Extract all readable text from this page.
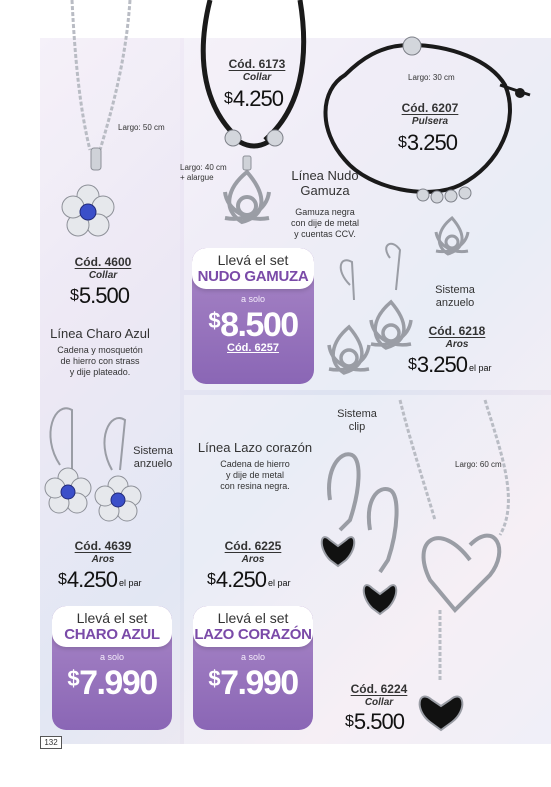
Largo: 50 cm
Cód. 4600
Collar
$5.500
Línea Charo Azul
Cadena y mosquetón
de hierro con strass
y dije plateado.
Cód. 6173
Collar
$4.250
Largo: 40 cm
+ alargue	Línea Nudo
Gamuza
Gamuza negra
con dije de metal
y cuentas CCV.
Llevá el set
NUDO GAMUZA
a solo
$8.500
Cód. 6257
Largo: 30 cm
Cód. 6207
Pulsera
$3.250
Sistema
anzuelo
Cód. 6218
Aros
$3.250 el par
Sistema
anzuelo
Cód. 4639
Aros
$4.250 el par
Sistema
clip
Línea Lazo corazón
Cadena de hierro
y dije de metal
con resina negra.
Cód. 6225
Aros
$4.250 el par
Largo: 60 cm
Cód. 6224
Collar
$5.500
Llevá el set
CHARO AZUL
a solo
$7.990
Llevá el set
LAZO CORAZÓN
a solo
$7.990
132
